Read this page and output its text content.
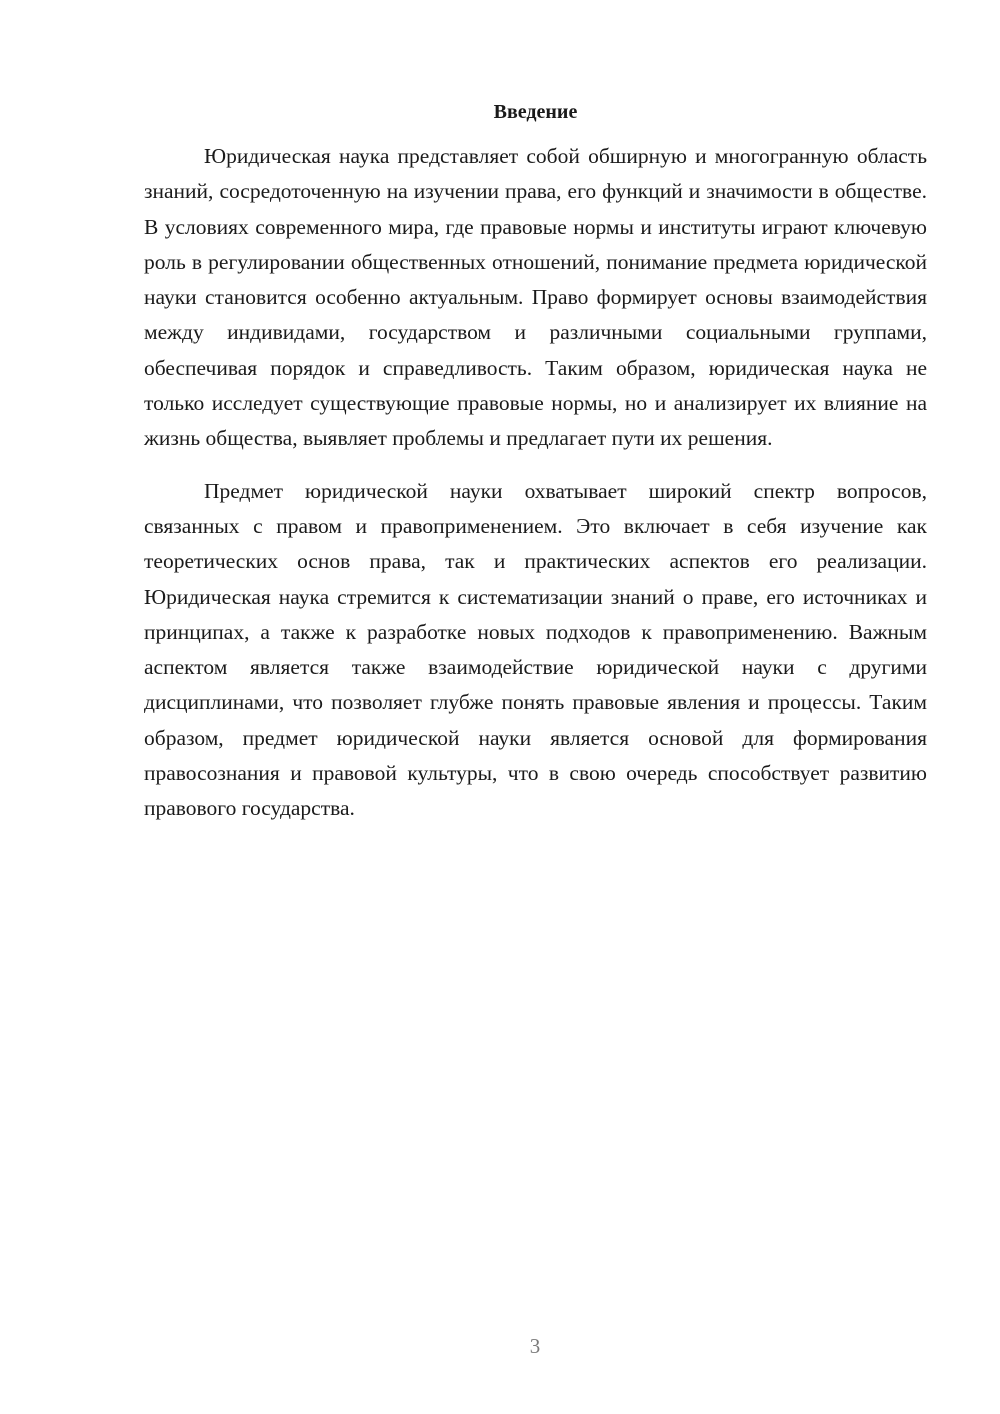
Введение

Юридическая наука представляет собой обширную и многогранную область знаний, сосредоточенную на изучении права, его функций и значимости в обществе. В условиях современного мира, где правовые нормы и институты играют ключевую роль в регулировании общественных отношений, понимание предмета юридической науки становится особенно актуальным. Право формирует основы взаимодействия между индивидами, государством и различными социальными группами, обеспечивая порядок и справедливость. Таким образом, юридическая наука не только исследует существующие правовые нормы, но и анализирует их влияние на жизнь общества, выявляет проблемы и предлагает пути их решения.

Предмет юридической науки охватывает широкий спектр вопросов, связанных с правом и правоприменением. Это включает в себя изучение как теоретических основ права, так и практических аспектов его реализации. Юридическая наука стремится к систематизации знаний о праве, его источниках и принципах, а также к разработке новых подходов к правоприменению. Важным аспектом является также взаимодействие юридической науки с другими дисциплинами, что позволяет глубже понять правовые явления и процессы. Таким образом, предмет юридической науки является основой для формирования правосознания и правовой культуры, что в свою очередь способствует развитию правового государства.

3
